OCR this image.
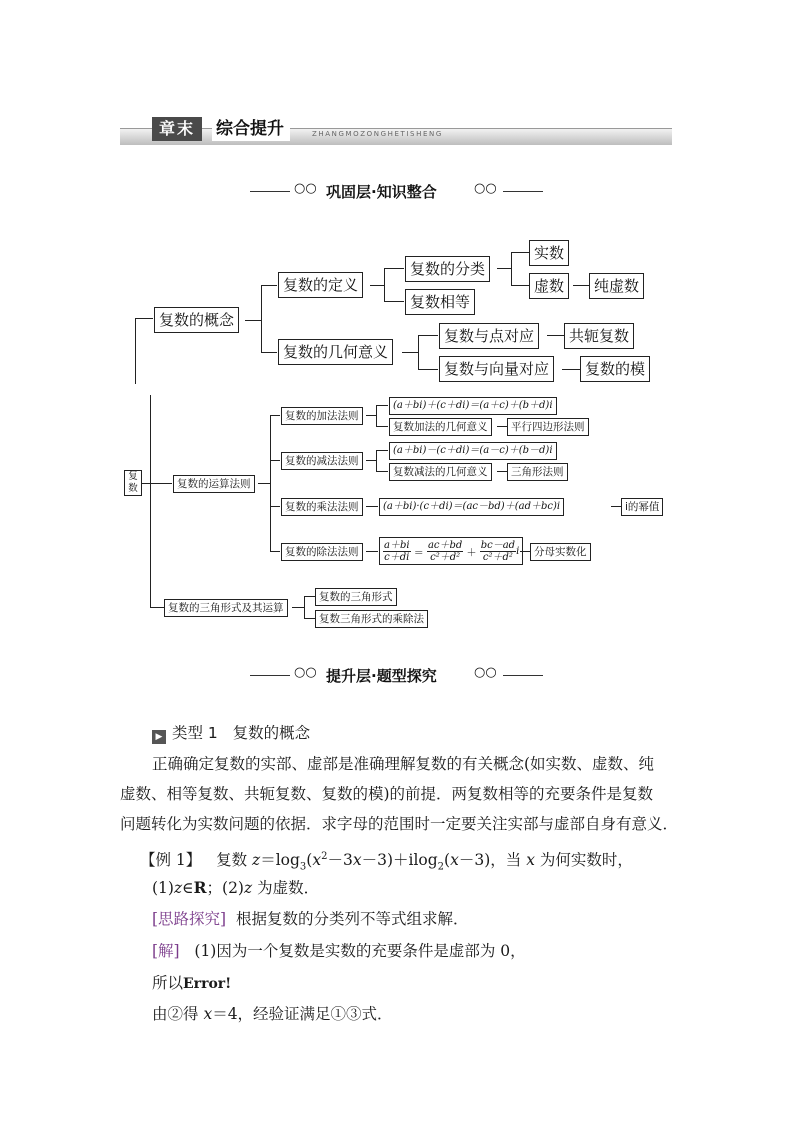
章末	综合提升	ZHANGMOZONGHETISHENG
○○ 巩固层·知识整合	○○
复数的概念
复数的定义
复数的分类
复数相等
实数
虚数	纯虚数
复数的几何意义
复数与点对应	共轭复数
复数与向量对应	复数的模
复数	复数的运算法则
复数的加法法则
(a＋bi)＋(c＋di)＝(a＋c)＋(b＋d)i
复数加法的几何意义	平行四边形法则
复数的减法法则
(a＋bi)－(c＋di)＝(a－c)＋(b－d)i
复数减法的几何意义	三角形法则
复数的乘法法则	(a＋bi)·(c＋di)＝(ac－bd)＋(ad＋bc)i	i的幂值
复数的除法法则	$\frac{a+bi}{c+di} = \frac{ac+bd}{\text{c²＋d²}} + \frac{bc-ad}{\text{c²＋d²}}$ i	分母实数化
复数的三角形式及其运算
复数的三角形式
复数三角形式的乘除法
○○ 提升层·题型探究	○○
▶ 类型 1 复数的概念
正确确定复数的实部、虚部是准确理解复数的有关概念(如实数、虚数、纯
虚数、相等复数、共轭复数、复数的模)的前提．两复数相等的充要条件是复数
问题转化为实数问题的依据．求字母的范围时一定要关注实部与虚部自身有意义．
【例 1】 复数 $z=\log_3(x^2-3x-3)+ilog_2(x-3)$，当 x 为何实数时，
(1)z∈R；(2)z 为虚数．
[思路探究] 根据复数的分类列不等式组求解．
[解] (1)因为一个复数是实数的充要条件是虚部为 0，
所以Error!
由②得 x＝4，经验证满足①③式．
